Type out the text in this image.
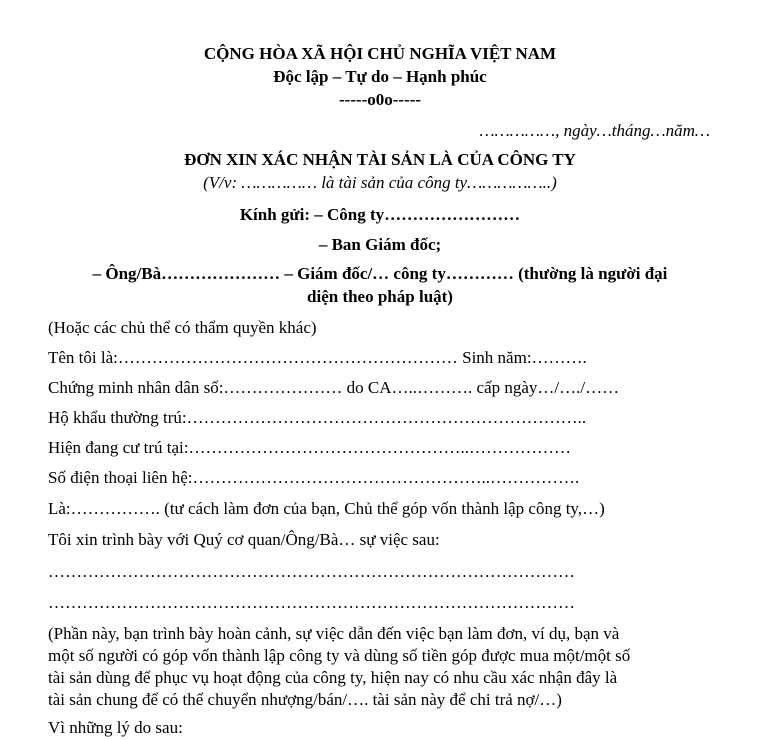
CỘNG HÒA XÃ HỘI CHỦ NGHĨA VIỆT NAM
Độc lập – Tự do – Hạnh phúc
-----o0o-----
……………, ngày…tháng…năm…
ĐƠN XIN XÁC NHẬN TÀI SẢN LÀ CỦA CÔNG TY
(V/v: …………… là tài sản của công ty……………..)
Kính gửi: – Công ty……………………
– Ban Giám đốc;
– Ông/Bà………………… – Giám đốc/… công ty………… (thường là người đại
diện theo pháp luật)
(Hoặc các chủ thể có thẩm quyền khác)
Tên tôi là:…………………………………………………… Sinh năm:……….
Chứng minh nhân dân số:………………… do CA…..………. cấp ngày…/…./……
Hộ khẩu thường trú:……………………………………………………………..
Hiện đang cư trú tại:…………………………………………..………………
Số điện thoại liên hệ:……………………………………………..…………….
Là:……………. (tư cách làm đơn của bạn, Chủ thể góp vốn thành lập công ty,…)
Tôi xin trình bày với Quý cơ quan/Ông/Bà… sự việc sau:
…………………………………………………………………………………
…………………………………………………………………………………
(Phần này, bạn trình bày hoàn cảnh, sự việc dẫn đến việc bạn làm đơn, ví dụ, bạn và
một số người có góp vốn thành lập công ty và dùng số tiền góp được mua một/một số
tài sản dùng để phục vụ hoạt động của công ty, hiện nay có nhu cầu xác nhận đây là
tài sản chung để có thể chuyển nhượng/bán/…. tài sản này để chi trả nợ/…)
Vì những lý do sau:
